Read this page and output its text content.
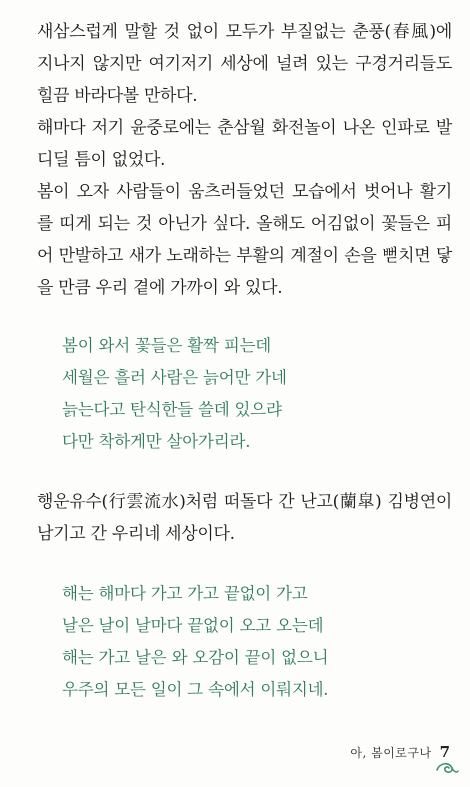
새삼스럽게 말할 것 없이 모두가 부질없는 춘풍(春風)에 지나지 않지만 여기저기 세상에 널려 있는 구경거리들도 힐끔 바라다볼 만하다.

해마다 저기 윤중로에는 춘삼월 화전놀이 나온 인파로 발 디딜 틈이 없었다.

봄이 오자 사람들이 움츠러들었던 모습에서 벗어나 활기를 띠게 되는 것 아닌가 싶다. 올해도 어김없이 꽃들은 피어 만발하고 새가 노래하는 부활의 계절이 손을 뻗치면 닿을 만큼 우리 곁에 가까이 와 있다.

봄이 와서 꽃들은 활짝 피는데
세월은 흘러 사람은 늙어만 가네
늙는다고 탄식한들 쓸데 있으랴
다만 착하게만 살아가리라.

행운유수(行雲流水)처럼 떠돌다 간 난고(蘭皐) 김병연이 남기고 간 우리네 세상이다.

해는 해마다 가고 가고 끝없이 가고
날은 날이 날마다 끝없이 오고 오는데
해는 가고 날은 와 오감이 끝이 없으니
우주의 모든 일이 그 속에서 이뤄지네.
아, 봄이로구나 7
